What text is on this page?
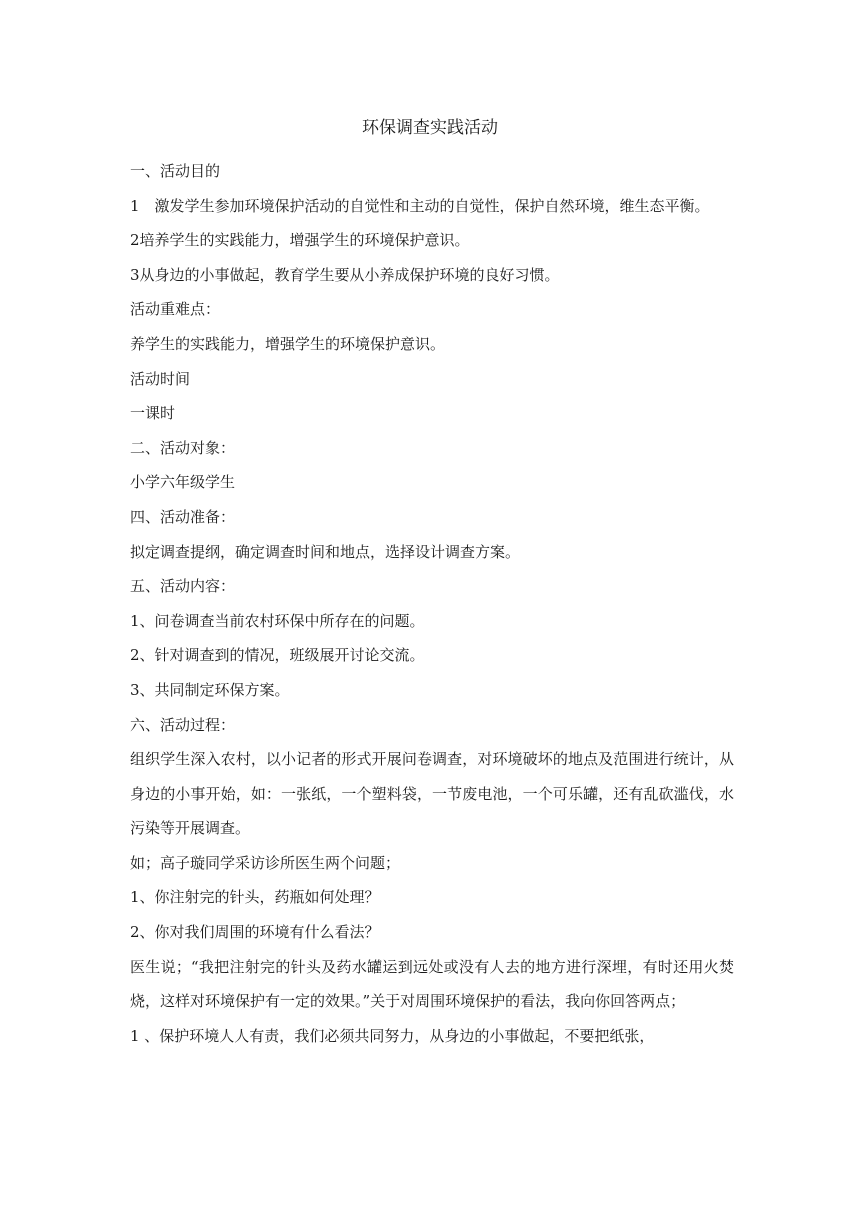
环保调查实践活动

一、活动目的

1　激发学生参加环境保护活动的自觉性和主动的自觉性，保护自然环境，维生态平衡。

2培养学生的实践能力，增强学生的环境保护意识。

3从身边的小事做起，教育学生要从小养成保护环境的良好习惯。

活动重难点：

养学生的实践能力，增强学生的环境保护意识。

活动时间

一课时

二、活动对象：

小学六年级学生

四、活动准备：

拟定调查提纲，确定调查时间和地点，选择设计调查方案。

五、活动内容：

1、问卷调查当前农村环保中所存在的问题。

2、针对调查到的情况，班级展开讨论交流。

3、共同制定环保方案。

六、活动过程：

组织学生深入农村，以小记者的形式开展问卷调查，对环境破坏的地点及范围进行统计，从身边的小事开始，如：一张纸，一个塑料袋，一节废电池，一个可乐罐，还有乱砍滥伐，水污染等开展调查。

如；高子璇同学采访诊所医生两个问题；

1、你注射完的针头，药瓶如何处理？

2、你对我们周围的环境有什么看法？

医生说；“我把注射完的针头及药水罐运到远处或没有人去的地方进行深埋，有时还用火焚烧，这样对环境保护有一定的效果。”关于对周围环境保护的看法，我向你回答两点；

1 、保护环境人人有责，我们必须共同努力，从身边的小事做起，不要把纸张，
